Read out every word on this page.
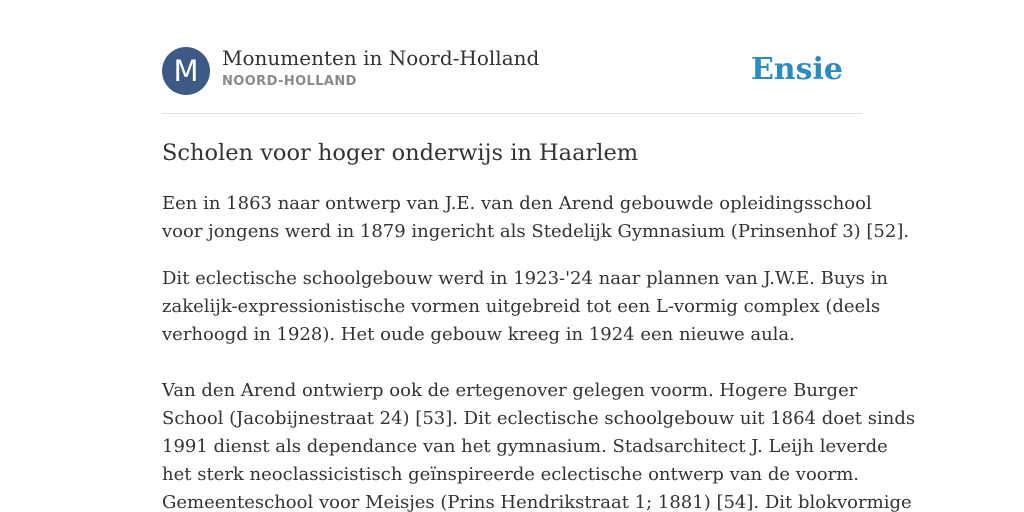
M	Monumenten in Noord-Holland
NOORD-HOLLAND	Ensie
Scholen voor hoger onderwijs in Haarlem

Een in 1863 naar ontwerp van J.E. van den Arend gebouwde opleidingsschool
voor jongens werd in 1879 ingericht als Stedelijk Gymnasium (Prinsenhof 3) [52].

Dit eclectische schoolgebouw werd in 1923-'24 naar plannen van J.W.E. Buys in
zakelijk-expressionistische vormen uitgebreid tot een L-vormig complex (deels
verhoogd in 1928). Het oude gebouw kreeg in 1924 een nieuwe aula.

Van den Arend ontwierp ook de ertegenover gelegen voorm. Hogere Burger
School (Jacobijnestraat 24) [53]. Dit eclectische schoolgebouw uit 1864 doet sinds
1991 dienst als dependance van het gymnasium. Stadsarchitect J. Leijh leverde
het sterk neoclassicistisch geïnspireerde eclectische ontwerp van de voorm.
Gemeenteschool voor Meisjes (Prins Hendrikstraat 1; 1881) [54]. Dit blokvormige
